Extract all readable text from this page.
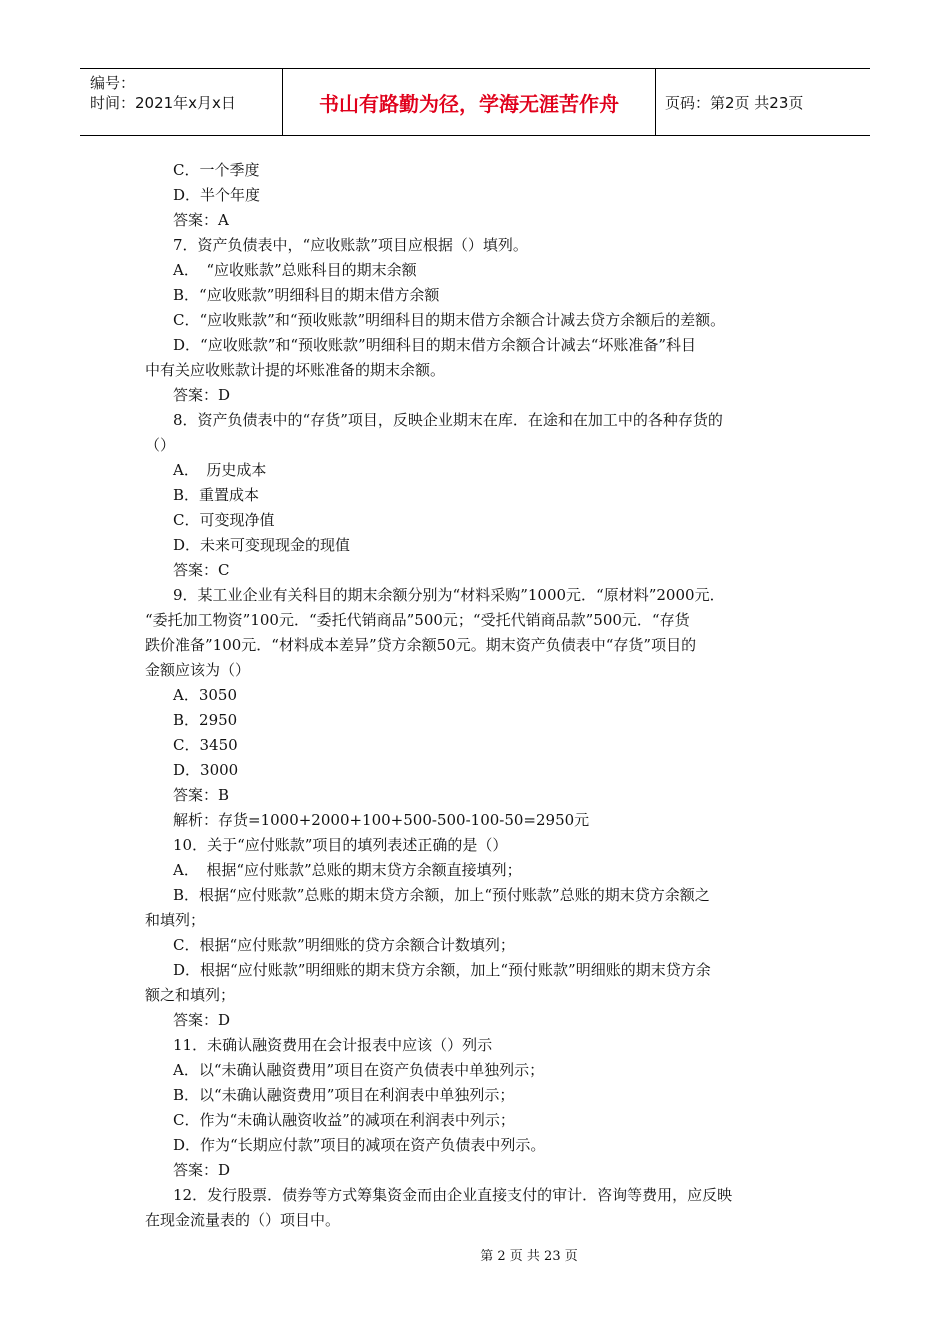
编号：
时间：2021年x月x日	书山有路勤为径，学海无涯苦作舟	页码：第2页 共23页
C．一个季度
D．半个年度
答案：A
7．资产负债表中，“应收账款”项目应根据（）填列。
A．　“应收账款”总账科目的期末余额
B．“应收账款”明细科目的期末借方余额
C．“应收账款”和“预收账款”明细科目的期末借方余额合计减去贷方余额后的差额。
D．“应收账款”和“预收账款”明细科目的期末借方余额合计减去“坏账准备”科目
中有关应收账款计提的坏账准备的期末余额。
答案：D
8．资产负债表中的“存货”项目，反映企业期末在库．在途和在加工中的各种存货的
（）
A．　历史成本
B．重置成本
C．可变现净值
D．未来可变现现金的现值
答案：C
9．某工业企业有关科目的期末余额分别为“材料采购”1000元．“原材料”2000元．
“委托加工物资”100元．“委托代销商品”500元；“受托代销商品款”500元．“存货
跌价准备”100元．“材料成本差异”贷方余额50元。期末资产负债表中“存货”项目的
金额应该为（）
A．3050
B．2950
C．3450
D．3000
答案：B
解析：存货=1000+2000+100+500-500-100-50=2950元
10．关于“应付账款”项目的填列表述正确的是（）
A．　根据“应付账款”总账的期末贷方余额直接填列；
B．根据“应付账款”总账的期末贷方余额，加上“预付账款”总账的期末贷方余额之
和填列；
C．根据“应付账款”明细账的贷方余额合计数填列；
D．根据“应付账款”明细账的期末贷方余额，加上“预付账款”明细账的期末贷方余
额之和填列；
答案：D
11．未确认融资费用在会计报表中应该（）列示
A．以“未确认融资费用”项目在资产负债表中单独列示；
B．以“未确认融资费用”项目在利润表中单独列示；
C．作为“未确认融资收益”的减项在利润表中列示；
D．作为“长期应付款”项目的减项在资产负债表中列示。
答案：D
12．发行股票．债券等方式筹集资金而由企业直接支付的审计．咨询等费用，应反映
在现金流量表的（）项目中。
第 2 页 共 23 页
